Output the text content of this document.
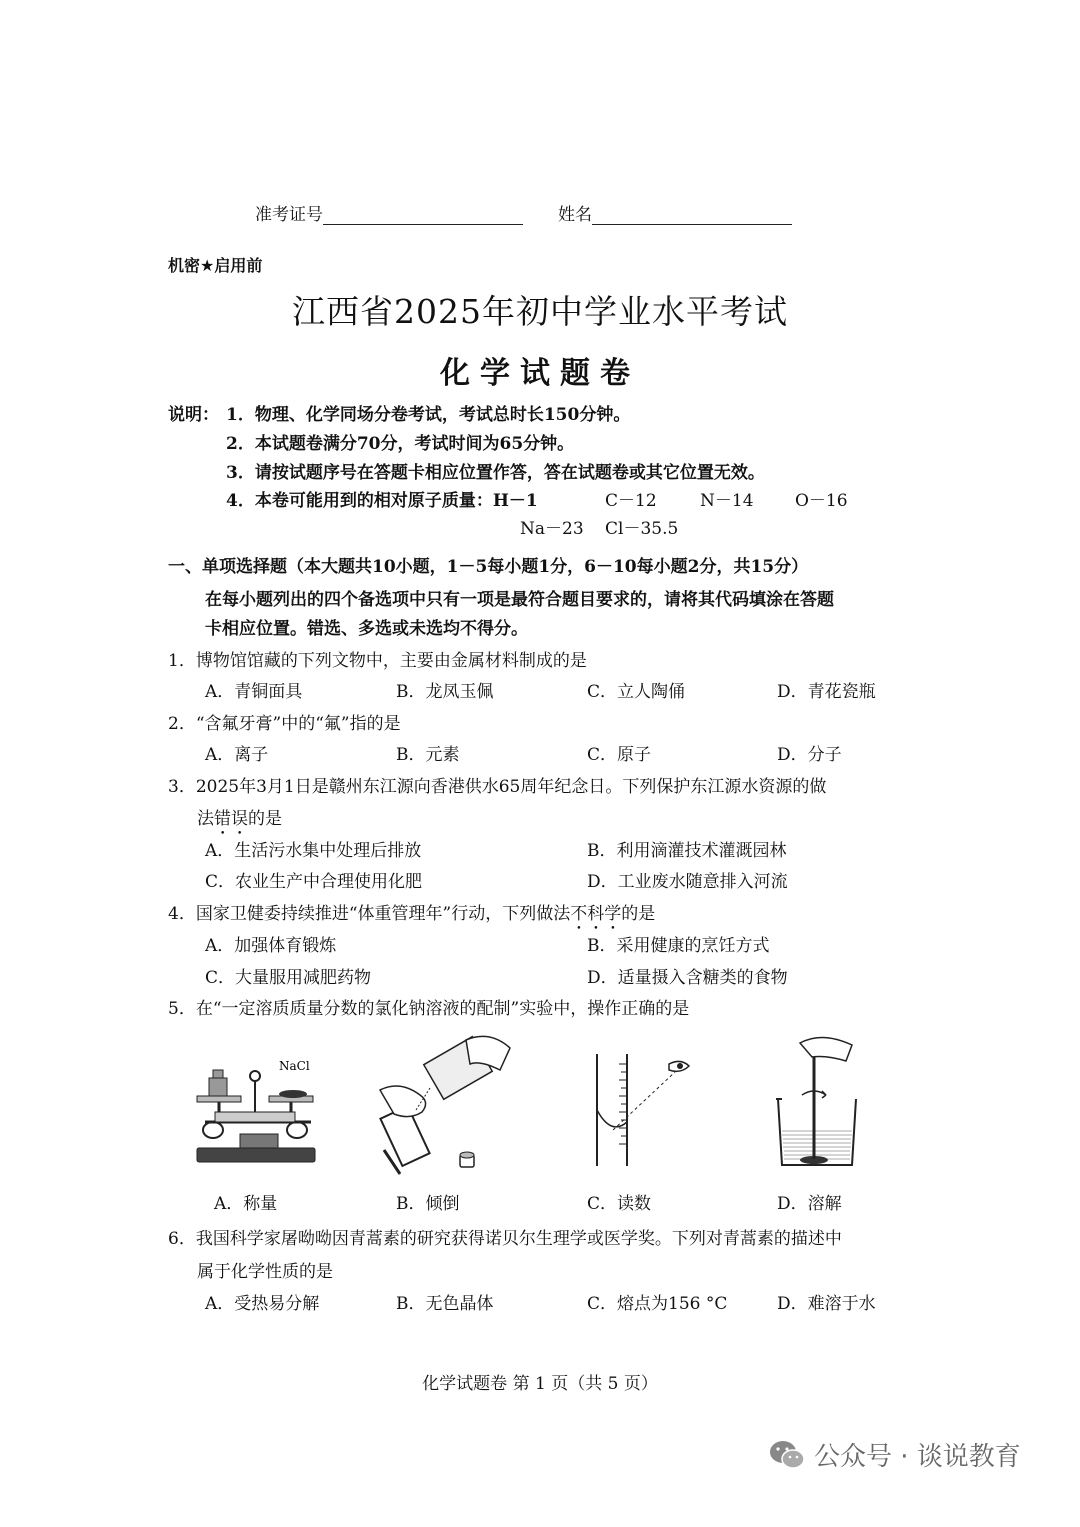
准考证号	姓名
机密★启用前
江西省2025年初中学业水平考试
化学试题卷
说明： 1．物理、化学同场分卷考试，考试总时长150分钟。
2．本试题卷满分70分，考试时间为65分钟。
3．请按试题序号在答题卡相应位置作答，答在试题卷或其它位置无效。
4．本卷可能用到的相对原子质量：H－1	C－12	N－14 O－16
Na－23 Cl－35.5
一、单项选择题（本大题共10小题，1－5每小题1分，6－10每小题2分，共15分）
在每小题列出的四个备选项中只有一项是最符合题目要求的，请将其代码填涂在答题
卡相应位置。错选、多选或未选均不得分。
1．博物馆馆藏的下列文物中，主要由金属材料制成的是
A．青铜面具	B．龙凤玉佩	C．立人陶俑	D．青花瓷瓶
2．“含氟牙膏”中的“氟”指的是
A．离子	B．元素	C．原子	D．分子
3．2025年3月1日是赣州东江源向香港供水65周年纪念日。下列保护东江源水资源的做
法错误的是
A．生活污水集中处理后排放	B．利用滴灌技术灌溉园林
C．农业生产中合理使用化肥	D．工业废水随意排入河流
4．国家卫健委持续推进“体重管理年”行动，下列做法不科学的是
A．加强体育锻炼	B．采用健康的烹饪方式
C．大量服用减肥药物	D．适量摄入含糖类的食物
5．在“一定溶质质量分数的氯化钠溶液的配制”实验中，操作正确的是
NaCl
A．称量	B．倾倒	C．读数	D．溶解
6．我国科学家屠呦呦因青蒿素的研究获得诺贝尔生理学或医学奖。下列对青蒿素的描述中
属于化学性质的是
A．受热易分解	B．无色晶体	C．熔点为156 °C	D．难溶于水
化学试题卷 第 1 页（共 5 页）
公众号 · 谈说教育
